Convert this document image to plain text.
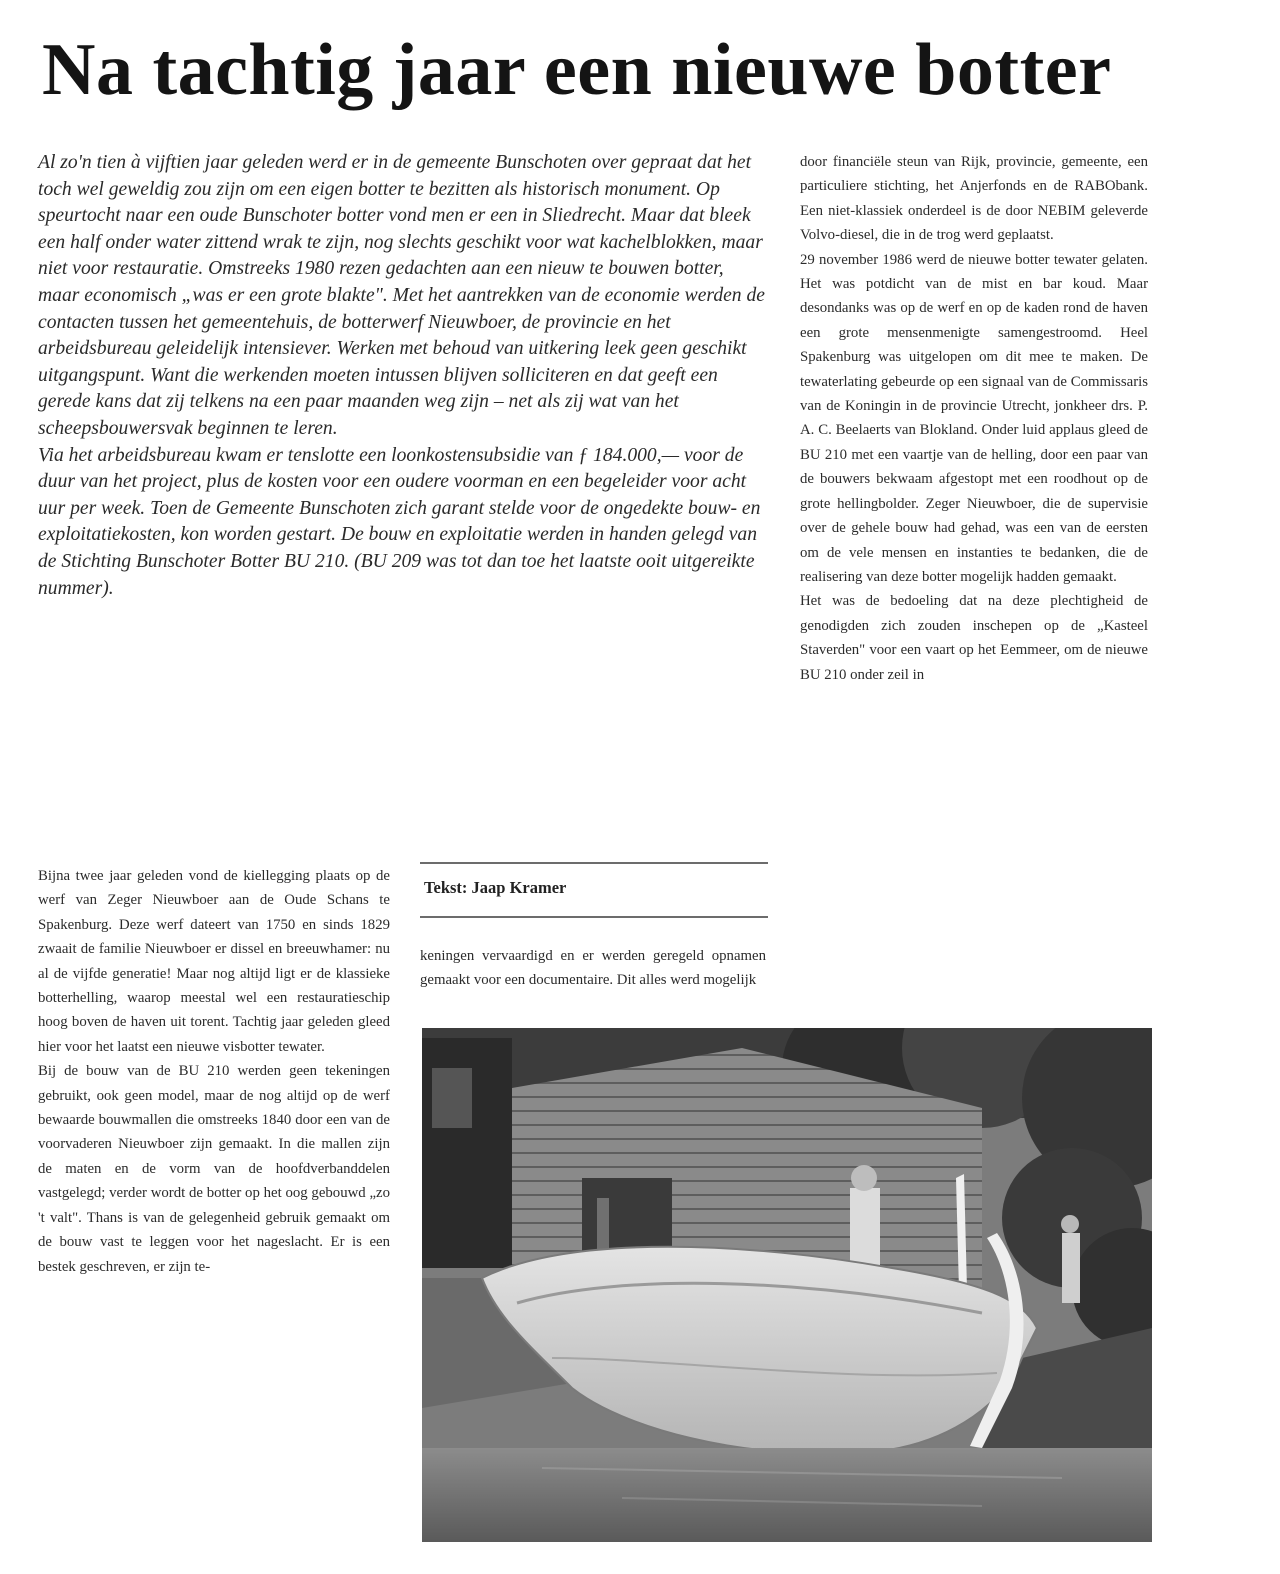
Na tachtig jaar een nieuwe botter

Al zo'n tien à vijftien jaar geleden werd er in de gemeente Bunschoten over gepraat dat het toch wel geweldig zou zijn om een eigen botter te bezitten als historisch monument. Op speurtocht naar een oude Bunschoter botter vond men er een in Sliedrecht. Maar dat bleek een half onder water zittend wrak te zijn, nog slechts geschikt voor wat kachelblokken, maar niet voor restauratie. Omstreeks 1980 rezen gedachten aan een nieuw te bouwen botter, maar economisch „was er een grote blakte". Met het aantrekken van de economie werden de contacten tussen het gemeentehuis, de botterwerf Nieuwboer, de provincie en het arbeidsbureau geleidelijk intensiever. Werken met behoud van uitkering leek geen geschikt uitgangspunt. Want die werkenden moeten intussen blijven solliciteren en dat geeft een gerede kans dat zij telkens na een paar maanden weg zijn – net als zij wat van het scheepsbouwersvak beginnen te leren.

Via het arbeidsbureau kwam er tenslotte een loonkostensubsidie van ƒ 184.000,— voor de duur van het project, plus de kosten voor een oudere voorman en een begeleider voor acht uur per week. Toen de Gemeente Bunschoten zich garant stelde voor de ongedekte bouw- en exploitatiekosten, kon worden gestart. De bouw en exploitatie werden in handen gelegd van de Stichting Bunschoter Botter BU 210. (BU 209 was tot dan toe het laatste ooit uitgereikte nummer).

door financiële steun van Rijk, provincie, gemeente, een particuliere stichting, het Anjerfonds en de RABObank. Een niet-klassiek onderdeel is de door NEBIM geleverde Volvo-diesel, die in de trog werd geplaatst.

29 november 1986 werd de nieuwe botter tewater gelaten. Het was potdicht van de mist en bar koud. Maar desondanks was op de werf en op de kaden rond de haven een grote mensenmenigte samengestroomd. Heel Spakenburg was uitgelopen om dit mee te maken. De tewaterlating gebeurde op een signaal van de Commissaris van de Koningin in de provincie Utrecht, jonkheer drs. P. A. C. Beelaerts van Blokland. Onder luid applaus gleed de BU 210 met een vaartje van de helling, door een paar van de bouwers bekwaam afgestopt met een roodhout op de grote hellingbolder. Zeger Nieuwboer, die de supervisie over de gehele bouw had gehad, was een van de eersten om de vele mensen en instanties te bedanken, die de realisering van deze botter mogelijk hadden gemaakt.

Het was de bedoeling dat na deze plechtigheid de genodigden zich zouden inschepen op de „Kasteel Staverden" voor een vaart op het Eemmeer, om de nieuwe BU 210 onder zeil in

Bijna twee jaar geleden vond de kiellegging plaats op de werf van Zeger Nieuwboer aan de Oude Schans te Spakenburg. Deze werf dateert van 1750 en sinds 1829 zwaait de familie Nieuwboer er dissel en breeuwhamer: nu al de vijfde generatie! Maar nog altijd ligt er de klassieke botterhelling, waarop meestal wel een restauratieschip hoog boven de haven uit torent. Tachtig jaar geleden gleed hier voor het laatst een nieuwe visbotter tewater.

Bij de bouw van de BU 210 werden geen tekeningen gebruikt, ook geen model, maar de nog altijd op de werf bewaarde bouwmallen die omstreeks 1840 door een van de voorvaderen Nieuwboer zijn gemaakt. In die mallen zijn de maten en de vorm van de hoofdverbanddelen vastgelegd; verder wordt de botter op het oog gebouwd „zo 't valt". Thans is van de gelegenheid gebruik gemaakt om de bouw vast te leggen voor het nageslacht. Er is een bestek geschreven, er zijn te-

Tekst: Jaap Kramer

keningen vervaardigd en er werden geregeld opnamen gemaakt voor een documentaire. Dit alles werd mogelijk
